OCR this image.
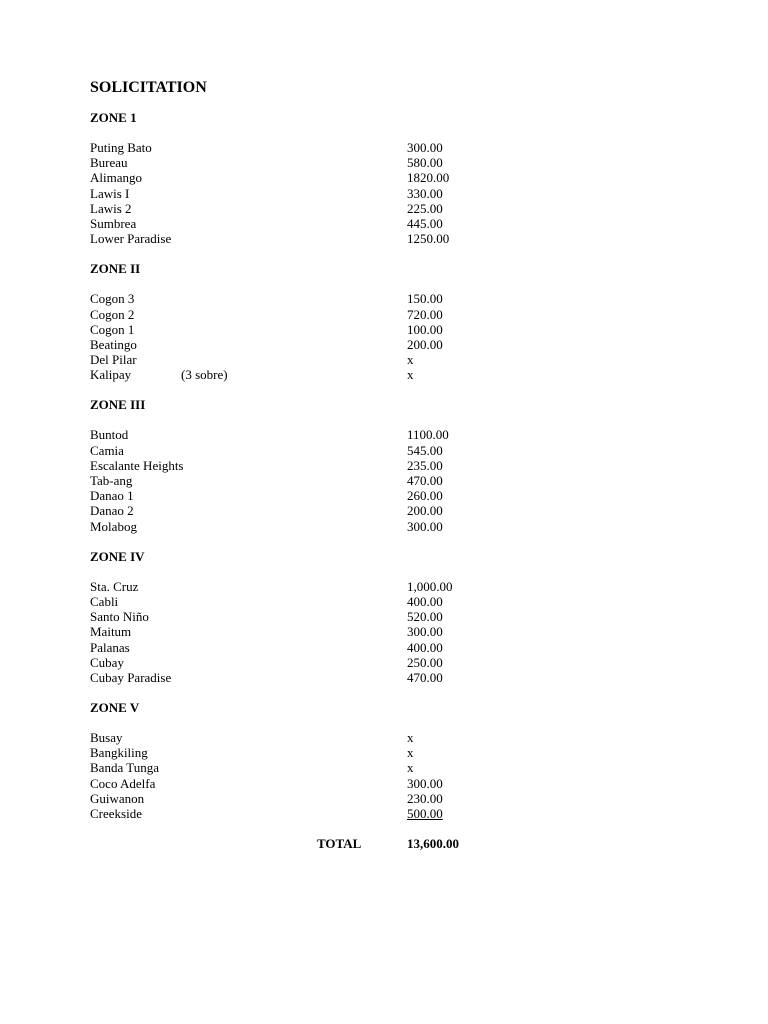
SOLICITATION
ZONE 1
Puting Bato	300.00
Bureau	580.00
Alimango	1820.00
Lawis I	330.00
Lawis 2	225.00
Sumbrea	445.00
Lower Paradise	1250.00
ZONE II
Cogon 3	150.00
Cogon 2	720.00
Cogon 1	100.00
Beatingo	200.00
Del Pilar	x
Kalipay	(3 sobre)	x
ZONE III
Buntod	1100.00
Camia	545.00
Escalante Heights	235.00
Tab-ang	470.00
Danao 1	260.00
Danao 2	200.00
Molabog	300.00
ZONE IV
Sta. Cruz	1,000.00
Cabli	400.00
Santo Niño	520.00
Maitum	300.00
Palanas	400.00
Cubay	250.00
Cubay Paradise	470.00
ZONE V
Busay	x
Bangkiling	x
Banda Tunga	x
Coco Adelfa	300.00
Guiwanon	230.00
Creekside	500.00
TOTAL	13,600.00
